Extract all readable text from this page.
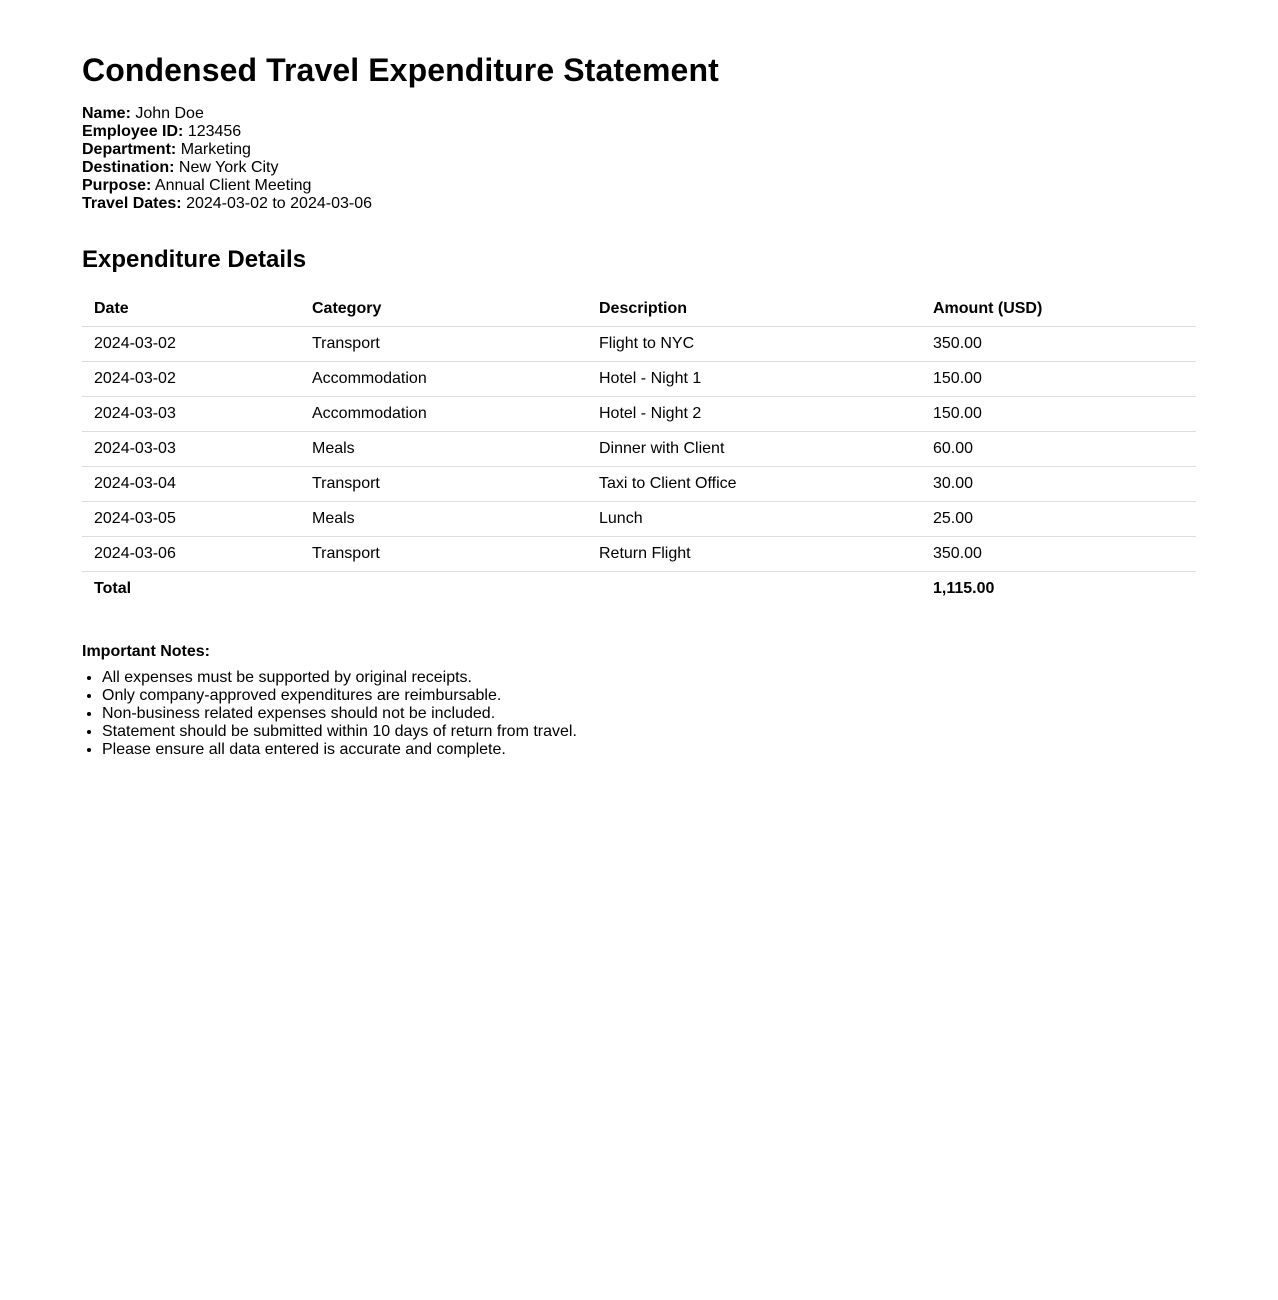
Condensed Travel Expenditure Statement
Name: John Doe
Employee ID: 123456
Department: Marketing
Destination: New York City
Purpose: Annual Client Meeting
Travel Dates: 2024-03-02 to 2024-03-06
Expenditure Details
Date	Category	Description	Amount (USD)
2024-03-02	Transport	Flight to NYC	350.00
2024-03-02	Accommodation	Hotel - Night 1	150.00
2024-03-03	Accommodation	Hotel - Night 2	150.00
2024-03-03	Meals	Dinner with Client	60.00
2024-03-04	Transport	Taxi to Client Office	30.00
2024-03-05	Meals	Lunch	25.00
2024-03-06	Transport	Return Flight	350.00
Total			1,115.00
Important Notes:
• All expenses must be supported by original receipts.
• Only company-approved expenditures are reimbursable.
• Non-business related expenses should not be included.
• Statement should be submitted within 10 days of return from travel.
• Please ensure all data entered is accurate and complete.
